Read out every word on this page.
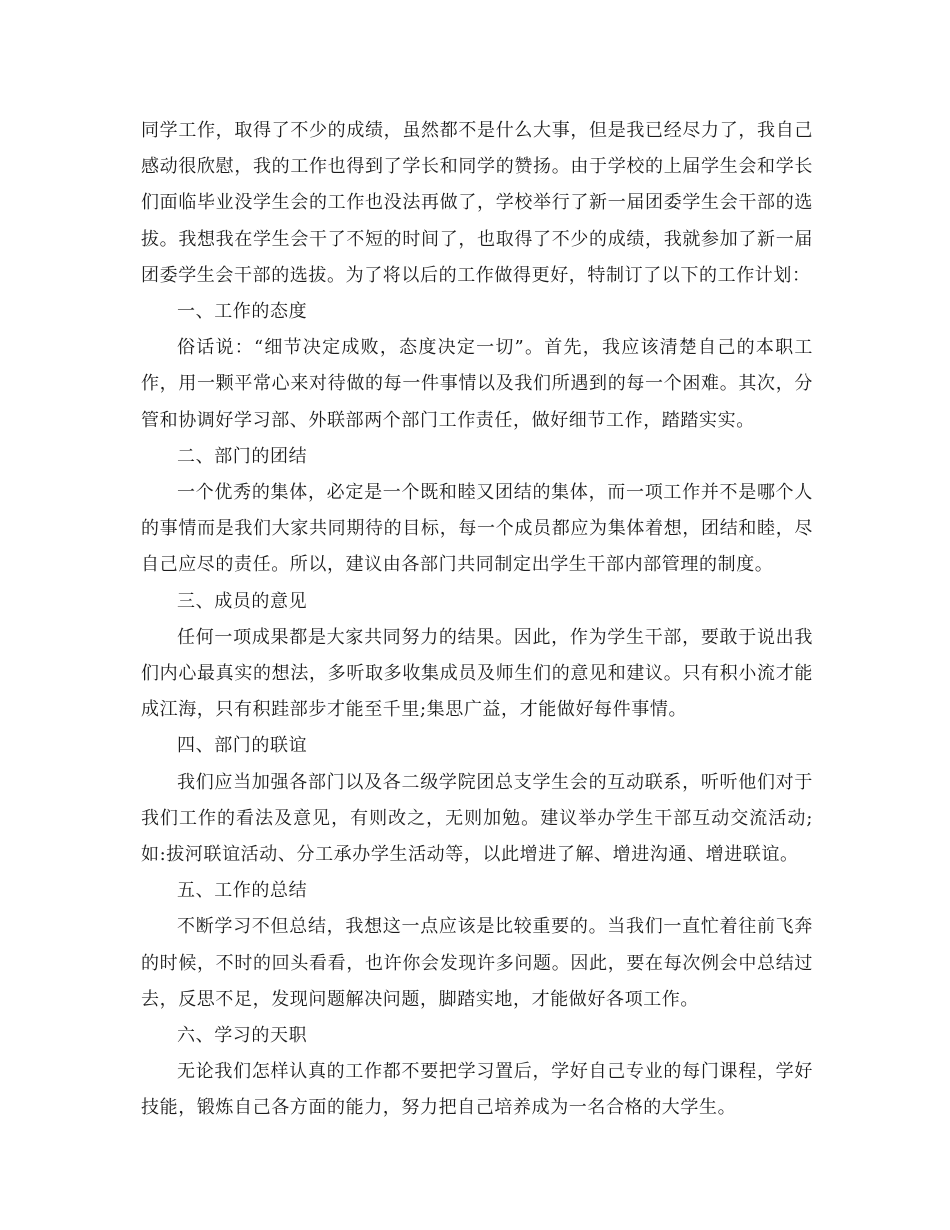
同学工作，取得了不少的成绩，虽然都不是什么大事，但是我已经尽力了，我自己感动很欣慰，我的工作也得到了学长和同学的赞扬。由于学校的上届学生会和学长们面临毕业没学生会的工作也没法再做了，学校举行了新一届团委学生会干部的选拔。我想我在学生会干了不短的时间了，也取得了不少的成绩，我就参加了新一届团委学生会干部的选拔。为了将以后的工作做得更好，特制订了以下的工作计划：

一、工作的态度

俗话说：“细节决定成败，态度决定一切”。首先，我应该清楚自己的本职工作，用一颗平常心来对待做的每一件事情以及我们所遇到的每一个困难。其次，分管和协调好学习部、外联部两个部门工作责任，做好细节工作，踏踏实实。

二、部门的团结

一个优秀的集体，必定是一个既和睦又团结的集体，而一项工作并不是哪个人的事情而是我们大家共同期待的目标，每一个成员都应为集体着想，团结和睦，尽自己应尽的责任。所以，建议由各部门共同制定出学生干部内部管理的制度。

三、成员的意见

任何一项成果都是大家共同努力的结果。因此，作为学生干部，要敢于说出我们内心最真实的想法，多听取多收集成员及师生们的意见和建议。只有积小流才能成江海，只有积跬部步才能至千里;集思广益，才能做好每件事情。

四、部门的联谊

我们应当加强各部门以及各二级学院团总支学生会的互动联系，听听他们对于我们工作的看法及意见，有则改之，无则加勉。建议举办学生干部互动交流活动;如:拔河联谊活动、分工承办学生活动等，以此增进了解、增进沟通、增进联谊。

五、工作的总结

不断学习不但总结，我想这一点应该是比较重要的。当我们一直忙着往前飞奔的时候，不时的回头看看，也许你会发现许多问题。因此，要在每次例会中总结过去，反思不足，发现问题解决问题，脚踏实地，才能做好各项工作。

六、学习的天职

无论我们怎样认真的工作都不要把学习置后，学好自己专业的每门课程，学好技能，锻炼自己各方面的能力，努力把自己培养成为一名合格的大学生。
